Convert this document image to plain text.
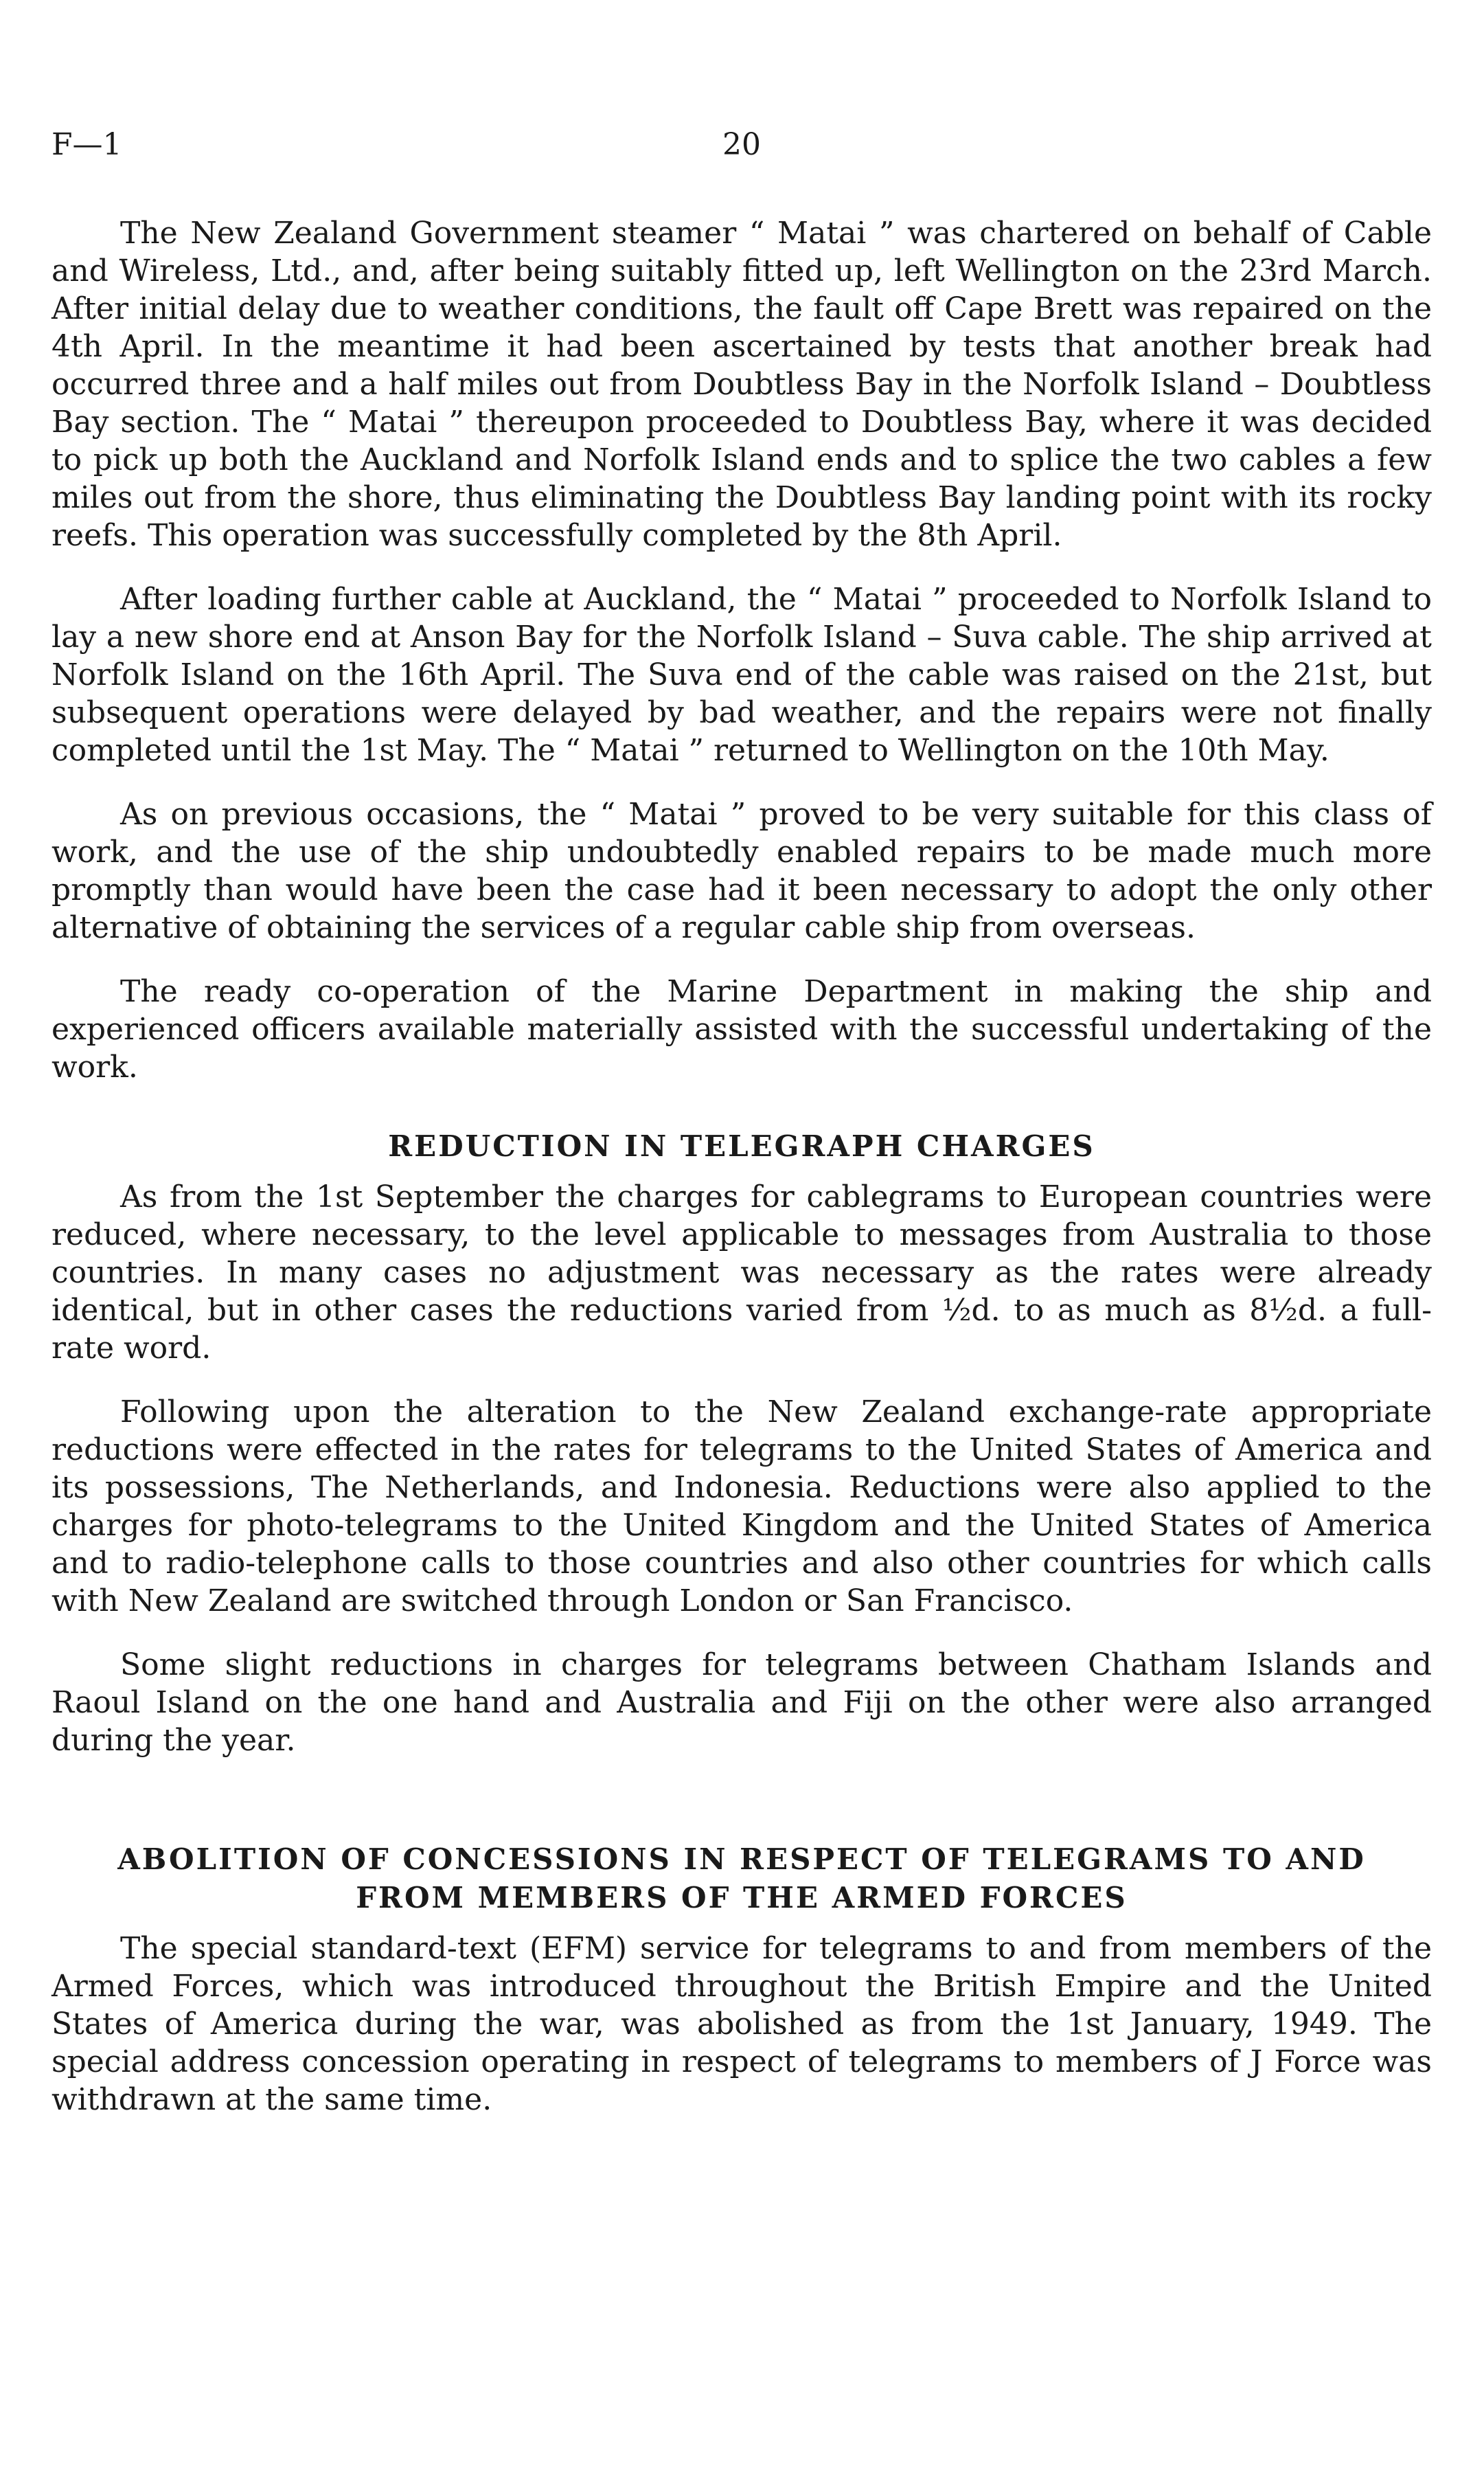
F—1	20

The New Zealand Government steamer “ Matai ” was chartered on behalf of Cable and Wireless, Ltd., and, after being suitably fitted up, left Wellington on the 23rd March. After initial delay due to weather conditions, the fault off Cape Brett was repaired on the 4th April. In the meantime it had been ascertained by tests that another break had occurred three and a half miles out from Doubtless Bay in the Norfolk Island – Doubtless Bay section. The “ Matai ” thereupon proceeded to Doubtless Bay, where it was decided to pick up both the Auckland and Norfolk Island ends and to splice the two cables a few miles out from the shore, thus eliminating the Doubtless Bay landing point with its rocky reefs. This operation was successfully completed by the 8th April.

After loading further cable at Auckland, the “ Matai ” proceeded to Norfolk Island to lay a new shore end at Anson Bay for the Norfolk Island – Suva cable. The ship arrived at Norfolk Island on the 16th April. The Suva end of the cable was raised on the 21st, but subsequent operations were delayed by bad weather, and the repairs were not finally completed until the 1st May. The “ Matai ” returned to Wellington on the 10th May.

As on previous occasions, the “ Matai ” proved to be very suitable for this class of work, and the use of the ship undoubtedly enabled repairs to be made much more promptly than would have been the case had it been necessary to adopt the only other alternative of obtaining the services of a regular cable ship from overseas.

The ready co-operation of the Marine Department in making the ship and experienced officers available materially assisted with the successful undertaking of the work.

REDUCTION IN TELEGRAPH CHARGES

As from the 1st September the charges for cablegrams to European countries were reduced, where necessary, to the level applicable to messages from Australia to those countries. In many cases no adjustment was necessary as the rates were already identical, but in other cases the reductions varied from ½d. to as much as 8½d. a full-rate word.

Following upon the alteration to the New Zealand exchange-rate appropriate reductions were effected in the rates for telegrams to the United States of America and its possessions, The Netherlands, and Indonesia. Reductions were also applied to the charges for photo-telegrams to the United Kingdom and the United States of America and to radio-telephone calls to those countries and also other countries for which calls with New Zealand are switched through London or San Francisco.

Some slight reductions in charges for telegrams between Chatham Islands and Raoul Island on the one hand and Australia and Fiji on the other were also arranged during the year.

ABOLITION OF CONCESSIONS IN RESPECT OF TELEGRAMS TO AND
FROM MEMBERS OF THE ARMED FORCES

The special standard-text (EFM) service for telegrams to and from members of the Armed Forces, which was introduced throughout the British Empire and the United States of America during the war, was abolished as from the 1st January, 1949. The special address concession operating in respect of telegrams to members of J Force was withdrawn at the same time.
